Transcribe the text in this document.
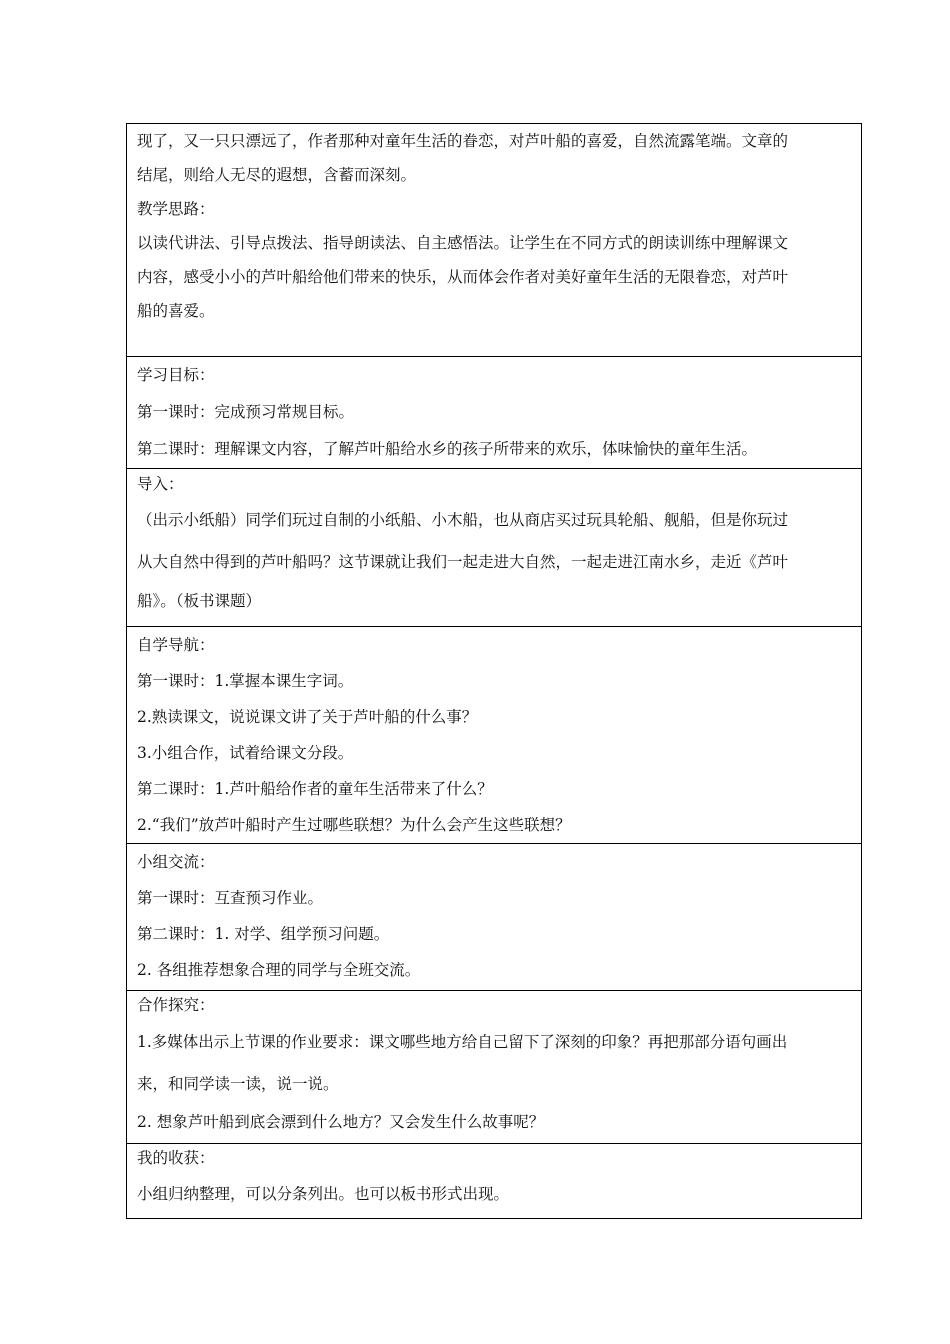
现了，又一只只漂远了，作者那种对童年生活的眷恋，对芦叶船的喜爱，自然流露笔端。文章的
结尾，则给人无尽的遐想，含蓄而深刻。
教学思路：
以读代讲法、引导点拨法、指导朗读法、自主感悟法。让学生在不同方式的朗读训练中理解课文
内容，感受小小的芦叶船给他们带来的快乐，从而体会作者对美好童年生活的无限眷恋，对芦叶
船的喜爱。

学习目标：
第一课时：完成预习常规目标。
第二课时：理解课文内容，了解芦叶船给水乡的孩子所带来的欢乐，体味愉快的童年生活。

导入：
（出示小纸船）同学们玩过自制的小纸船、小木船，也从商店买过玩具轮船、舰船，但是你玩过
从大自然中得到的芦叶船吗？这节课就让我们一起走进大自然，一起走进江南水乡，走近《芦叶
船》。（板书课题）

自学导航：
第一课时：1.掌握本课生字词。
2.熟读课文，说说课文讲了关于芦叶船的什么事？
3.小组合作，试着给课文分段。
第二课时：1.芦叶船给作者的童年生活带来了什么？
2.“我们”放芦叶船时产生过哪些联想？为什么会产生这些联想？

小组交流：
第一课时：互查预习作业。
第二课时：1. 对学、组学预习问题。
2. 各组推荐想象合理的同学与全班交流。

合作探究：
1.多媒体出示上节课的作业要求：课文哪些地方给自己留下了深刻的印象？再把那部分语句画出
来，和同学读一读，说一说。
2. 想象芦叶船到底会漂到什么地方？又会发生什么故事呢？

我的收获：
小组归纳整理，可以分条列出。也可以板书形式出现。
